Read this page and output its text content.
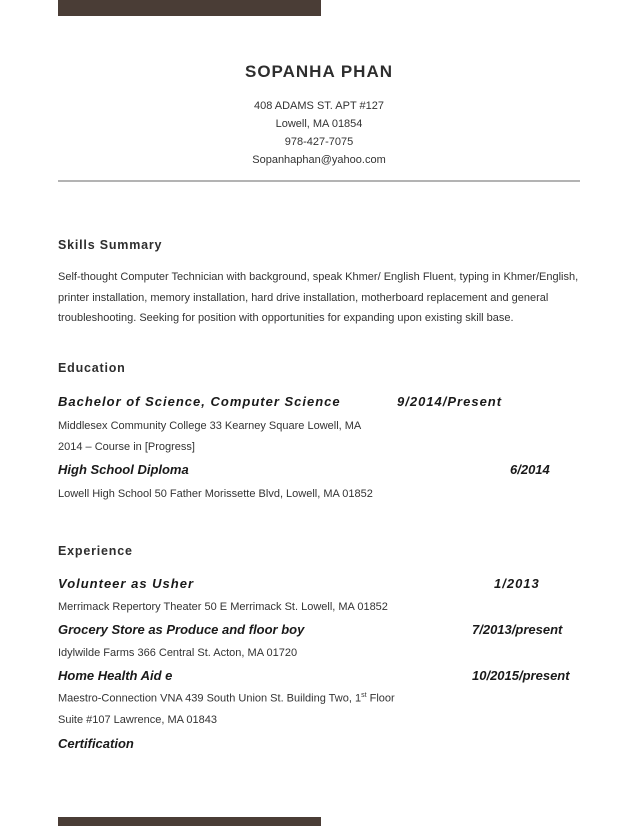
SOPANHA PHAN
408 ADAMS ST. APT #127
Lowell, MA 01854
978-427-7075
Sopanhaphan@yahoo.com
Skills Summary
Self-thought Computer Technician with background, speak Khmer/ English Fluent, typing in Khmer/English, printer installation, memory installation, hard drive installation, motherboard replacement and general troubleshooting. Seeking for position with opportunities for expanding upon existing skill base.
Education
Bachelor of Science, Computer Science	9/2014/Present
Middlesex Community College 33 Kearney Square Lowell, MA
2014 – Course in [Progress]
High School Diploma	6/2014
Lowell High School 50 Father Morissette Blvd, Lowell, MA 01852
Experience
Volunteer as Usher	1/2013
Merrimack Repertory Theater 50 E Merrimack St. Lowell, MA 01852
Grocery Store as Produce and floor boy	7/2013/present
Idylwilde Farms 366 Central St. Acton, MA 01720
Home Health Aid e	10/2015/present
Maestro-Connection VNA 439 South Union St. Building Two, 1st Floor
Suite #107 Lawrence, MA 01843
Certification
